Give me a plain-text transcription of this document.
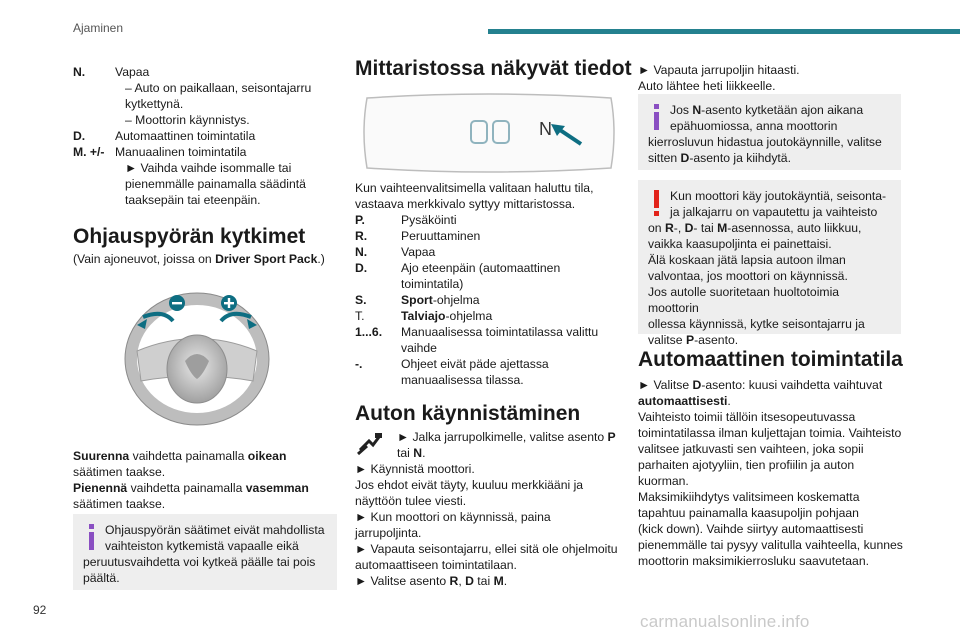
Ajaminen
N.	Vapaa
– Auto on paikallaan, seisontajarru
kytkettynä.
– Moottorin käynnistys.
D.	Automaattinen toimintatila
M. +/- Manuaalinen toimintatila
► Vaihda vaihde isommalle tai
pienemmälle painamalla säädintä
taaksepäin tai eteenpäin.
Ohjauspyörän kytkimet
(Vain ajoneuvot, joissa on Driver Sport Pack.)
Suurenna vaihdetta painamalla oikean
säätimen taakse.
Pienennä vaihdetta painamalla vasemman
säätimen taakse.
Ohjauspyörän säätimet eivät mahdollista
vaihteiston kytkemistä vapaalle eikä
peruutusvaihdetta voi kytkeä päälle tai pois
päältä.
Mittaristossa näkyvät tiedot
N
Kun vaihteenvalitsimella valitaan haluttu tila,
vastaava merkkivalo syttyy mittaristossa.
P.	Pysäköinti
R.	Peruuttaminen
N.	Vapaa
D.	Ajo eteenpäin (automaattinen
toimintatila)
S.	Sport-ohjelma
T.	Talviajo-ohjelma
1...6.	Manuaalisessa toimintatilassa valittu
vaihde
-.	Ohjeet eivät päde ajettassa
manuaalisessa tilassa.
Auton käynnistäminen
► Jalka jarrupolkimelle, valitse asento P
tai N.
► Käynnistä moottori.
Jos ehdot eivät täyty, kuuluu merkkiääni ja
näyttöön tulee viesti.
► Kun moottori on käynnissä, paina
jarrupoljinta.
► Vapauta seisontajarru, ellei sitä ole ohjelmoitu
automaattiseen toimintatilaan.
► Valitse asento R, D tai M.
► Vapauta jarrupoljin hitaasti.
Auto lähtee heti liikkeelle.
Jos N-asento kytketään ajon aikana
epähuomiossa, anna moottorin
kierrosluvun hidastua joutokäynnille, valitse
sitten D-asento ja kiihdytä.
Kun moottori käy joutokäyntiä, seisonta-
ja jalkajarru on vapautettu ja vaihteisto
on R-, D- tai M-asennossa, auto liikkuu,
vaikka kaasupoljinta ei painettaisi.
Älä koskaan jätä lapsia autoon ilman
valvontaa, jos moottori on käynnissä.
Jos autolle suoritetaan huoltotoimia moottorin
ollessa käynnissä, kytke seisontajarru ja
valitse P-asento.
Automaattinen toimintatila
► Valitse D-asento: kuusi vaihdetta vaihtuvat
automaattisesti.
Vaihteisto toimii tällöin itsesopeutuvassa
toimintatilassa ilman kuljettajan toimia. Vaihteisto
valitsee jatkuvasti sen vaihteen, joka sopii
parhaiten ajotyyliin, tien profiilin ja auton
kuorman.
Maksimikiihdytys valitsimeen koskematta
tapahtuu painamalla kaasupoljin pohjaan
(kick down). Vaihde siirtyy automaattisesti
pienemmälle tai pysyy valitulla vaihteella, kunnes
moottorin maksimikierrosluku saavutetaan.
92
carmanualsonline.info
